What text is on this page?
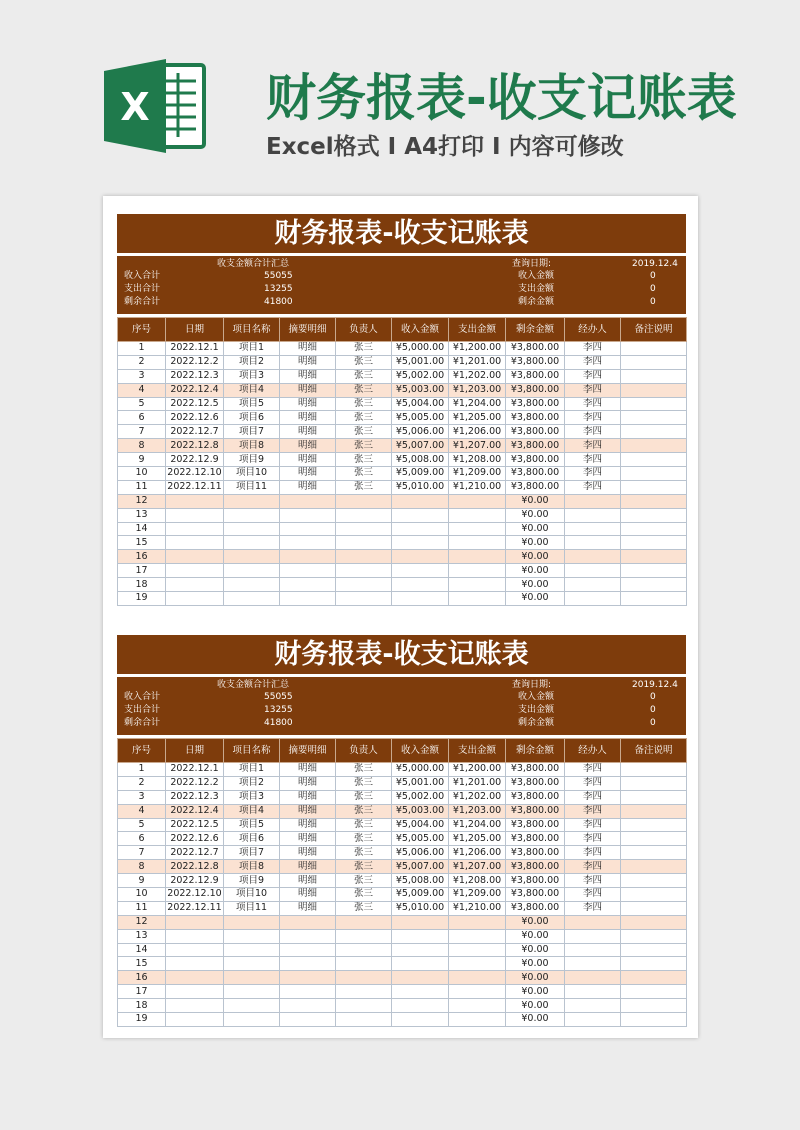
X 财务报表-收支记账表
Excel格式 I A4打印 I 内容可修改
财务报表-收支记账表
收支金额合计汇总
收入合计	55055
支出合计	13255
剩余合计	41800
查询日期:	2019.12.4
收入金额	0
支出金额	0
剩余金额	0
序号	日期	项目名称	摘要明细	负责人	收入金额	支出金额	剩余金额	经办人	备注说明
1	2022.12.1	项目1	明细	张三	¥5,000.00	¥1,200.00	¥3,800.00	李四	
2	2022.12.2	项目2	明细	张三	¥5,001.00	¥1,201.00	¥3,800.00	李四	
3	2022.12.3	项目3	明细	张三	¥5,002.00	¥1,202.00	¥3,800.00	李四	
4	2022.12.4	项目4	明细	张三	¥5,003.00	¥1,203.00	¥3,800.00	李四	
5	2022.12.5	项目5	明细	张三	¥5,004.00	¥1,204.00	¥3,800.00	李四	
6	2022.12.6	项目6	明细	张三	¥5,005.00	¥1,205.00	¥3,800.00	李四	
7	2022.12.7	项目7	明细	张三	¥5,006.00	¥1,206.00	¥3,800.00	李四	
8	2022.12.8	项目8	明细	张三	¥5,007.00	¥1,207.00	¥3,800.00	李四	
9	2022.12.9	项目9	明细	张三	¥5,008.00	¥1,208.00	¥3,800.00	李四	
10	2022.12.10	项目10	明细	张三	¥5,009.00	¥1,209.00	¥3,800.00	李四	
11	2022.12.11	项目11	明细	张三	¥5,010.00	¥1,210.00	¥3,800.00	李四	
12							¥0.00		
13							¥0.00		
14							¥0.00		
15							¥0.00		
16							¥0.00		
17							¥0.00		
18							¥0.00		
19							¥0.00		
财务报表-收支记账表
收支金额合计汇总
收入合计	55055
支出合计	13255
剩余合计	41800
查询日期:	2019.12.4
收入金额	0
支出金额	0
剩余金额	0
序号	日期	项目名称	摘要明细	负责人	收入金额	支出金额	剩余金额	经办人	备注说明
1	2022.12.1	项目1	明细	张三	¥5,000.00	¥1,200.00	¥3,800.00	李四	
2	2022.12.2	项目2	明细	张三	¥5,001.00	¥1,201.00	¥3,800.00	李四	
3	2022.12.3	项目3	明细	张三	¥5,002.00	¥1,202.00	¥3,800.00	李四	
4	2022.12.4	项目4	明细	张三	¥5,003.00	¥1,203.00	¥3,800.00	李四	
5	2022.12.5	项目5	明细	张三	¥5,004.00	¥1,204.00	¥3,800.00	李四	
6	2022.12.6	项目6	明细	张三	¥5,005.00	¥1,205.00	¥3,800.00	李四	
7	2022.12.7	项目7	明细	张三	¥5,006.00	¥1,206.00	¥3,800.00	李四	
8	2022.12.8	项目8	明细	张三	¥5,007.00	¥1,207.00	¥3,800.00	李四	
9	2022.12.9	项目9	明细	张三	¥5,008.00	¥1,208.00	¥3,800.00	李四	
10	2022.12.10	项目10	明细	张三	¥5,009.00	¥1,209.00	¥3,800.00	李四	
11	2022.12.11	项目11	明细	张三	¥5,010.00	¥1,210.00	¥3,800.00	李四	
12							¥0.00		
13							¥0.00		
14							¥0.00		
15							¥0.00		
16							¥0.00		
17							¥0.00		
18							¥0.00		
19							¥0.00		
